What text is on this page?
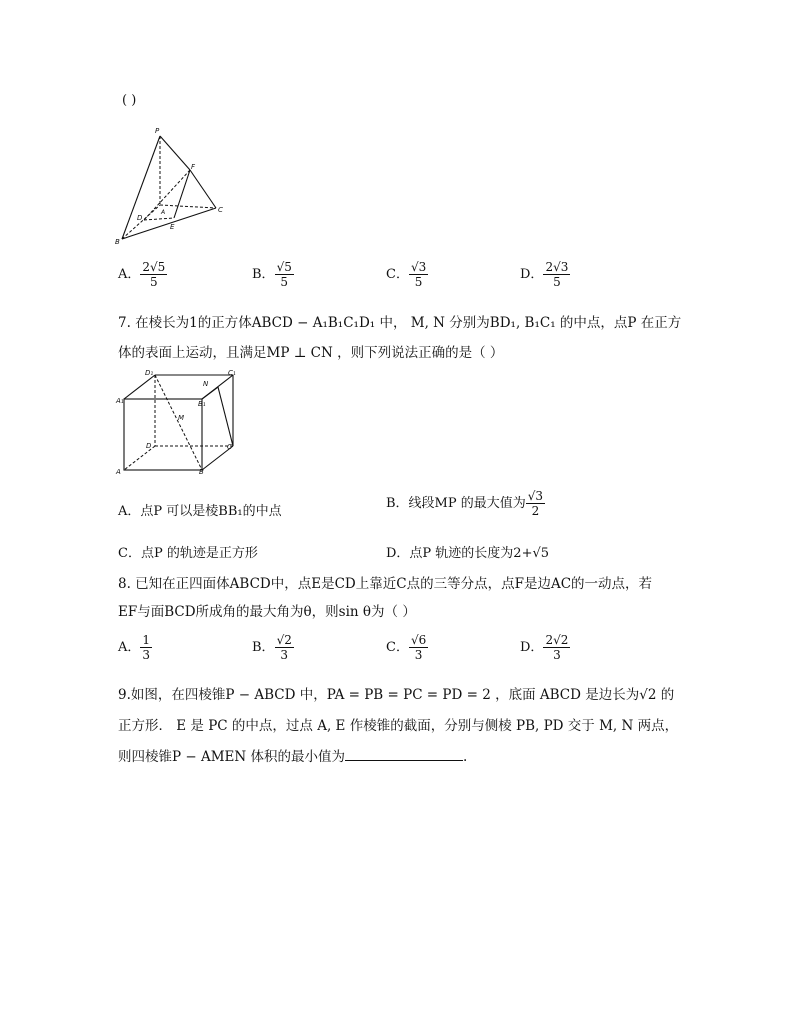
( )
P
F
C
A
D
E
B
A． $\frac{2√5}{5}$	B． $\frac{√5}{5}$	C． $\frac{√3}{5}$	D． $\frac{2√3}{5}$
7. 在棱长为1的正方体ABCD − A₁B₁C₁D₁ 中， M, N 分别为BD₁, B₁C₁ 的中点，点P 在正方
体的表面上运动，且满足MP ⊥ CN ，则下列说法正确的是（ ）
D₁	C₁
N
A₁	B₁
M
D	C
A	B
A．点P 可以是棱BB₁的中点
B．线段MP 的最大值为 $\frac{√3}{2}$
C．点P 的轨迹是正方形	D．点P 轨迹的长度为2+√5
8. 已知在正四面体ABCD中，点E是CD上靠近C点的三等分点，点F是边AC的一动点，若
EF与面BCD所成角的最大角为θ，则sin θ为（ ）
A． $\frac{1}{3}$	B． $\frac{√2}{3}$	C． $\frac{√6}{3}$	D． $\frac{2√2}{3}$
9.如图，在四棱锥P − ABCD 中，PA = PB = PC = PD = 2 ，底面 ABCD 是边长为√2 的
正方形． E 是 PC 的中点，过点 A, E 作棱锥的截面，分别与侧棱 PB, PD 交于 M, N 两点，
则四棱锥P − AMEN 体积的最小值为	.
